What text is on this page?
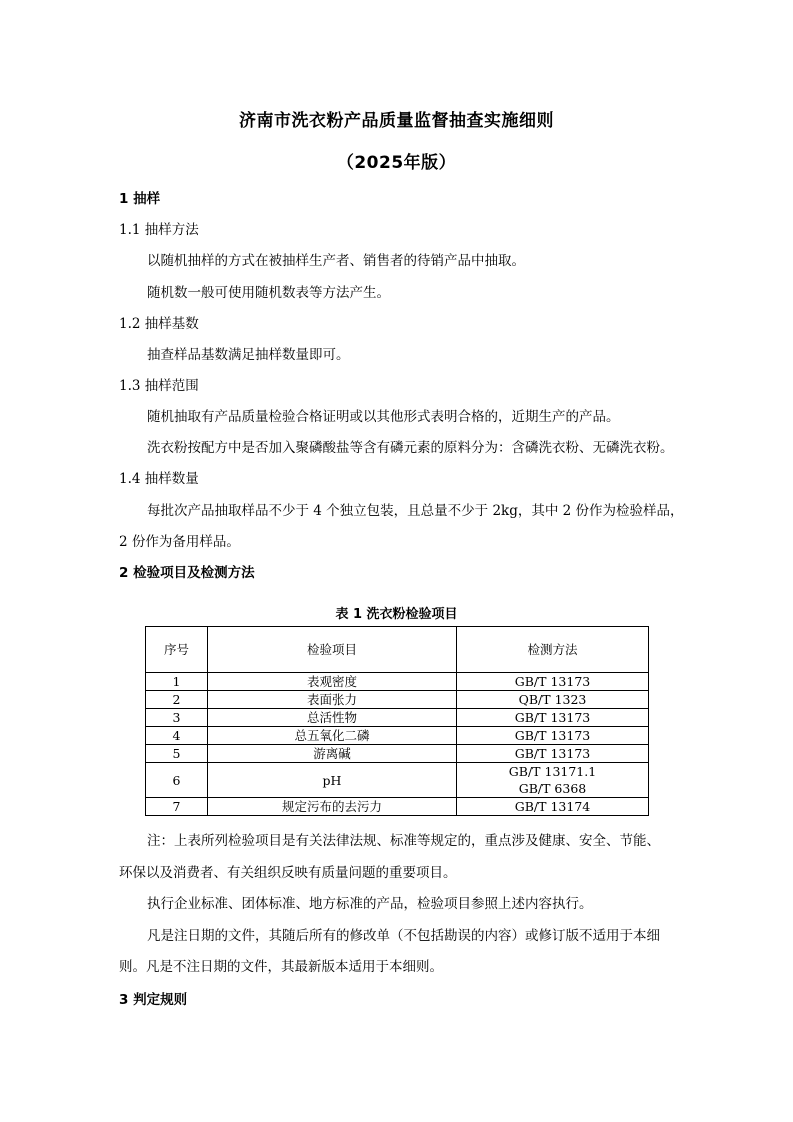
济南市洗衣粉产品质量监督抽查实施细则
（2025年版）
1 抽样
1.1 抽样方法
以随机抽样的方式在被抽样生产者、销售者的待销产品中抽取。
随机数一般可使用随机数表等方法产生。
1.2 抽样基数
抽查样品基数满足抽样数量即可。
1.3 抽样范围
随机抽取有产品质量检验合格证明或以其他形式表明合格的，近期生产的产品。
洗衣粉按配方中是否加入聚磷酸盐等含有磷元素的原料分为：含磷洗衣粉、无磷洗衣粉。
1.4 抽样数量
每批次产品抽取样品不少于 4 个独立包装，且总量不少于 2kg，其中 2 份作为检验样品，
2 份作为备用样品。
2 检验项目及检测方法
表 1 洗衣粉检验项目
序号	检验项目	检测方法
1	表观密度	GB/T 13173
2	表面张力	QB/T 1323
3	总活性物	GB/T 13173
4	总五氧化二磷	GB/T 13173
5	游离碱	GB/T 13173
6	pH	GB/T 13171.1
GB/T 6368

7	规定污布的去污力	GB/T 13174
注：上表所列检验项目是有关法律法规、标准等规定的，重点涉及健康、安全、节能、
环保以及消费者、有关组织反映有质量问题的重要项目。
执行企业标准、团体标准、地方标准的产品，检验项目参照上述内容执行。
凡是注日期的文件，其随后所有的修改单（不包括勘误的内容）或修订版不适用于本细
则。凡是不注日期的文件，其最新版本适用于本细则。
3 判定规则
